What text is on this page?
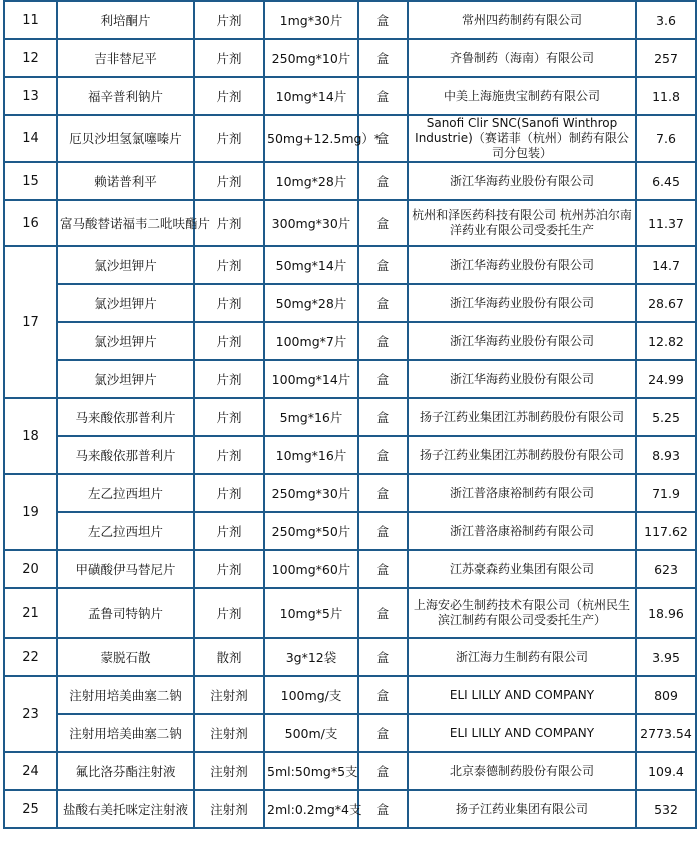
11	利培酮片	片剂	1mg*30片	盒	常州四药制药有限公司	3.6
12	吉非替尼平	片剂	250mg*10片	盒	齐鲁制药（海南）有限公司	257
13	福辛普利钠片	片剂	10mg*14片	盒	中美上海施贵宝制药有限公司	11.8
14	厄贝沙坦氢氯噻嗪片	片剂	50mg+12.5mg）*	盒	Sanofi Clir SNC(Sanofi Winthrop Industrie)（赛诺菲（杭州）制药有限公司分包装）	7.6
15	赖诺普利平	片剂	10mg*28片	盒	浙江华海药业股份有限公司	6.45
16	富马酸替诺福韦二吡呋酯片	片剂	300mg*30片	盒	杭州和泽医药科技有限公司 杭州苏泊尔南洋药业有限公司受委托生产	11.37
17	氯沙坦钾片	片剂	50mg*14片	盒	浙江华海药业股份有限公司	14.7
	氯沙坦钾片	片剂	50mg*28片	盒	浙江华海药业股份有限公司	28.67
	氯沙坦钾片	片剂	100mg*7片	盒	浙江华海药业股份有限公司	12.82
	氯沙坦钾片	片剂	100mg*14片	盒	浙江华海药业股份有限公司	24.99
18	马来酸依那普利片	片剂	5mg*16片	盒	扬子江药业集团江苏制药股份有限公司	5.25
	马来酸依那普利片	片剂	10mg*16片	盒	扬子江药业集团江苏制药股份有限公司	8.93
19	左乙拉西坦片	片剂	250mg*30片	盒	浙江普洛康裕制药有限公司	71.9
	左乙拉西坦片	片剂	250mg*50片	盒	浙江普洛康裕制药有限公司	117.62
20	甲磺酸伊马替尼片	片剂	100mg*60片	盒	江苏豪森药业集团有限公司	623
21	孟鲁司特钠片	片剂	10mg*5片	盒	上海安必生制药技术有限公司（杭州民生滨江制药有限公司受委托生产）	18.96
22	蒙脱石散	散剂	3g*12袋	盒	浙江海力生制药有限公司	3.95
23	注射用培美曲塞二钠	注射剂	100mg/支	盒	ELI LILLY AND COMPANY	809
	注射用培美曲塞二钠	注射剂	500m/支	盒	ELI LILLY AND COMPANY	2773.54
24	氟比洛芬酯注射液	注射剂	5ml:50mg*5支	盒	北京泰德制药股份有限公司	109.4
25	盐酸右美托咪定注射液	注射剂	2ml:0.2mg*4支	盒	扬子江药业集团有限公司	532
